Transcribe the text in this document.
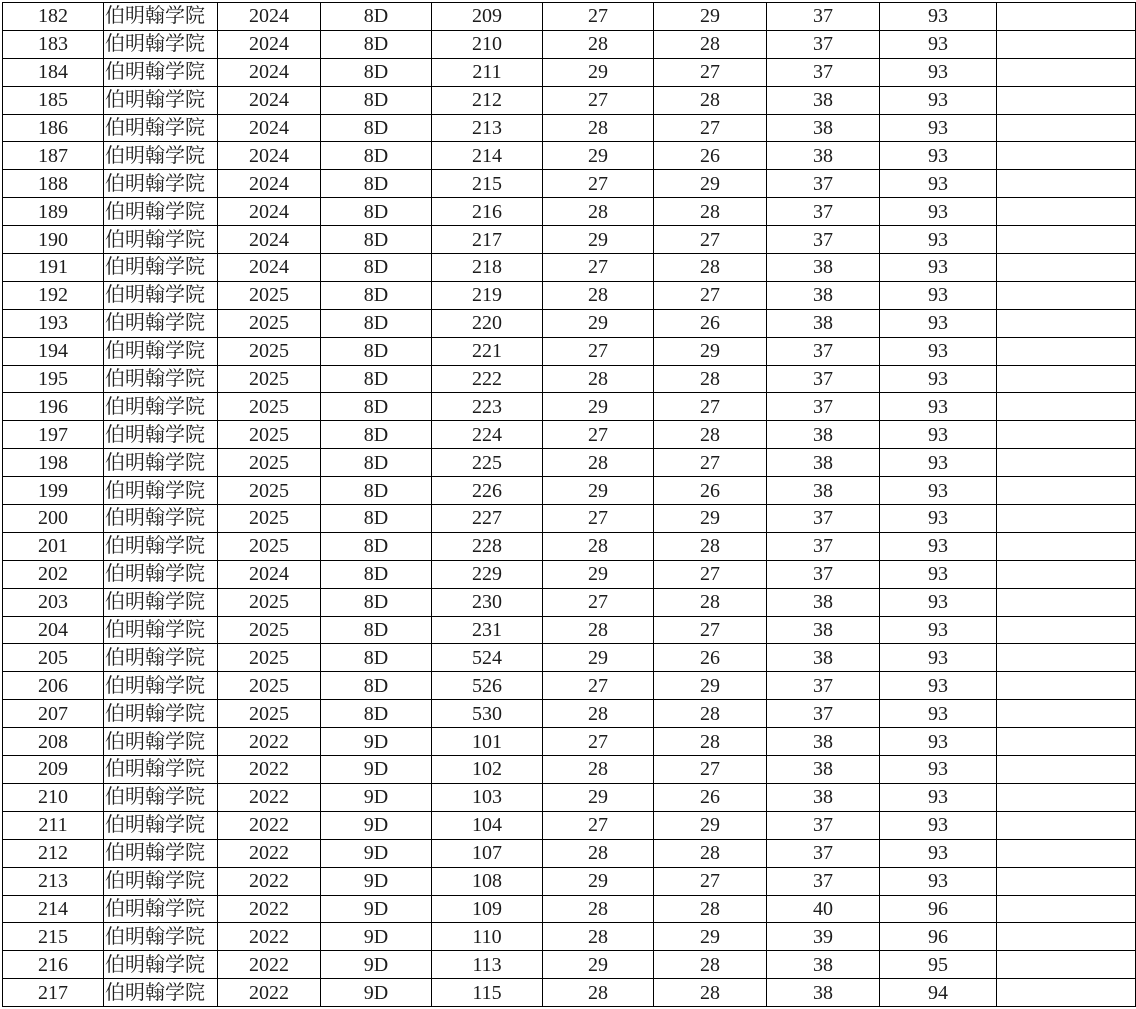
182	伯明翰学院	2024	8D	209	27	29	37	93	
183	伯明翰学院	2024	8D	210	28	28	37	93	
184	伯明翰学院	2024	8D	211	29	27	37	93	
185	伯明翰学院	2024	8D	212	27	28	38	93	
186	伯明翰学院	2024	8D	213	28	27	38	93	
187	伯明翰学院	2024	8D	214	29	26	38	93	
188	伯明翰学院	2024	8D	215	27	29	37	93	
189	伯明翰学院	2024	8D	216	28	28	37	93	
190	伯明翰学院	2024	8D	217	29	27	37	93	
191	伯明翰学院	2024	8D	218	27	28	38	93	
192	伯明翰学院	2025	8D	219	28	27	38	93	
193	伯明翰学院	2025	8D	220	29	26	38	93	
194	伯明翰学院	2025	8D	221	27	29	37	93	
195	伯明翰学院	2025	8D	222	28	28	37	93	
196	伯明翰学院	2025	8D	223	29	27	37	93	
197	伯明翰学院	2025	8D	224	27	28	38	93	
198	伯明翰学院	2025	8D	225	28	27	38	93	
199	伯明翰学院	2025	8D	226	29	26	38	93	
200	伯明翰学院	2025	8D	227	27	29	37	93	
201	伯明翰学院	2025	8D	228	28	28	37	93	
202	伯明翰学院	2024	8D	229	29	27	37	93	
203	伯明翰学院	2025	8D	230	27	28	38	93	
204	伯明翰学院	2025	8D	231	28	27	38	93	
205	伯明翰学院	2025	8D	524	29	26	38	93	
206	伯明翰学院	2025	8D	526	27	29	37	93	
207	伯明翰学院	2025	8D	530	28	28	37	93	
208	伯明翰学院	2022	9D	101	27	28	38	93	
209	伯明翰学院	2022	9D	102	28	27	38	93	
210	伯明翰学院	2022	9D	103	29	26	38	93	
211	伯明翰学院	2022	9D	104	27	29	37	93	
212	伯明翰学院	2022	9D	107	28	28	37	93	
213	伯明翰学院	2022	9D	108	29	27	37	93	
214	伯明翰学院	2022	9D	109	28	28	40	96	
215	伯明翰学院	2022	9D	110	28	29	39	96	
216	伯明翰学院	2022	9D	113	29	28	38	95	
217	伯明翰学院	2022	9D	115	28	28	38	94	
